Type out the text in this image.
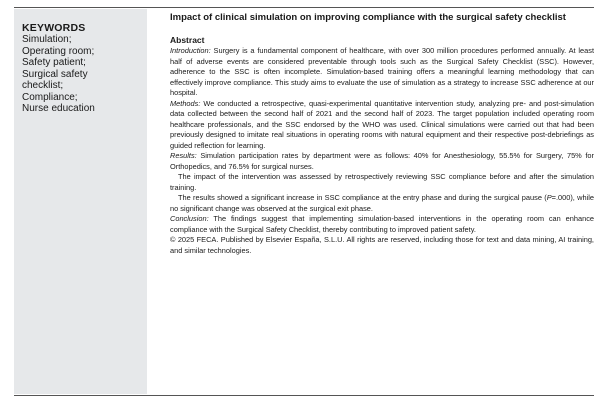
KEYWORDS
Simulation;
Operating room;
Safety patient;
Surgical safety
checklist;
Compliance;
Nurse education
Impact of clinical simulation on improving compliance with the surgical safety checklist
Abstract

Introduction: Surgery is a fundamental component of healthcare, with over 300 million procedures performed annually. At least half of adverse events are considered preventable through tools such as the Surgical Safety Checklist (SSC). However, adherence to the SSC is often incomplete. Simulation-based training offers a meaningful learning methodology that can effectively improve compliance. This study aims to evaluate the use of simulation as a strategy to increase SSC adherence at our hospital.

Methods: We conducted a retrospective, quasi-experimental quantitative intervention study, analyzing pre- and post-simulation data collected between the second half of 2021 and the second half of 2023. The target population included operating room healthcare professionals, and the SSC endorsed by the WHO was used. Clinical simulations were carried out that had been previously designed to imitate real situations in operating rooms with natural equipment and their respective post-debriefings as guided reflection for learning.

Results: Simulation participation rates by department were as follows: 40% for Anesthesiology, 55.5% for Surgery, 75% for Orthopedics, and 76.5% for surgical nurses.

The impact of the intervention was assessed by retrospectively reviewing SSC compliance before and after the simulation training.

The results showed a significant increase in SSC compliance at the entry phase and during the surgical pause (P=.000), while no significant change was observed at the surgical exit phase.

Conclusion: The findings suggest that implementing simulation-based interventions in the operating room can enhance compliance with the Surgical Safety Checklist, thereby contributing to improved patient safety.

© 2025 FECA. Published by Elsevier España, S.L.U. All rights are reserved, including those for text and data mining, AI training, and similar technologies.
